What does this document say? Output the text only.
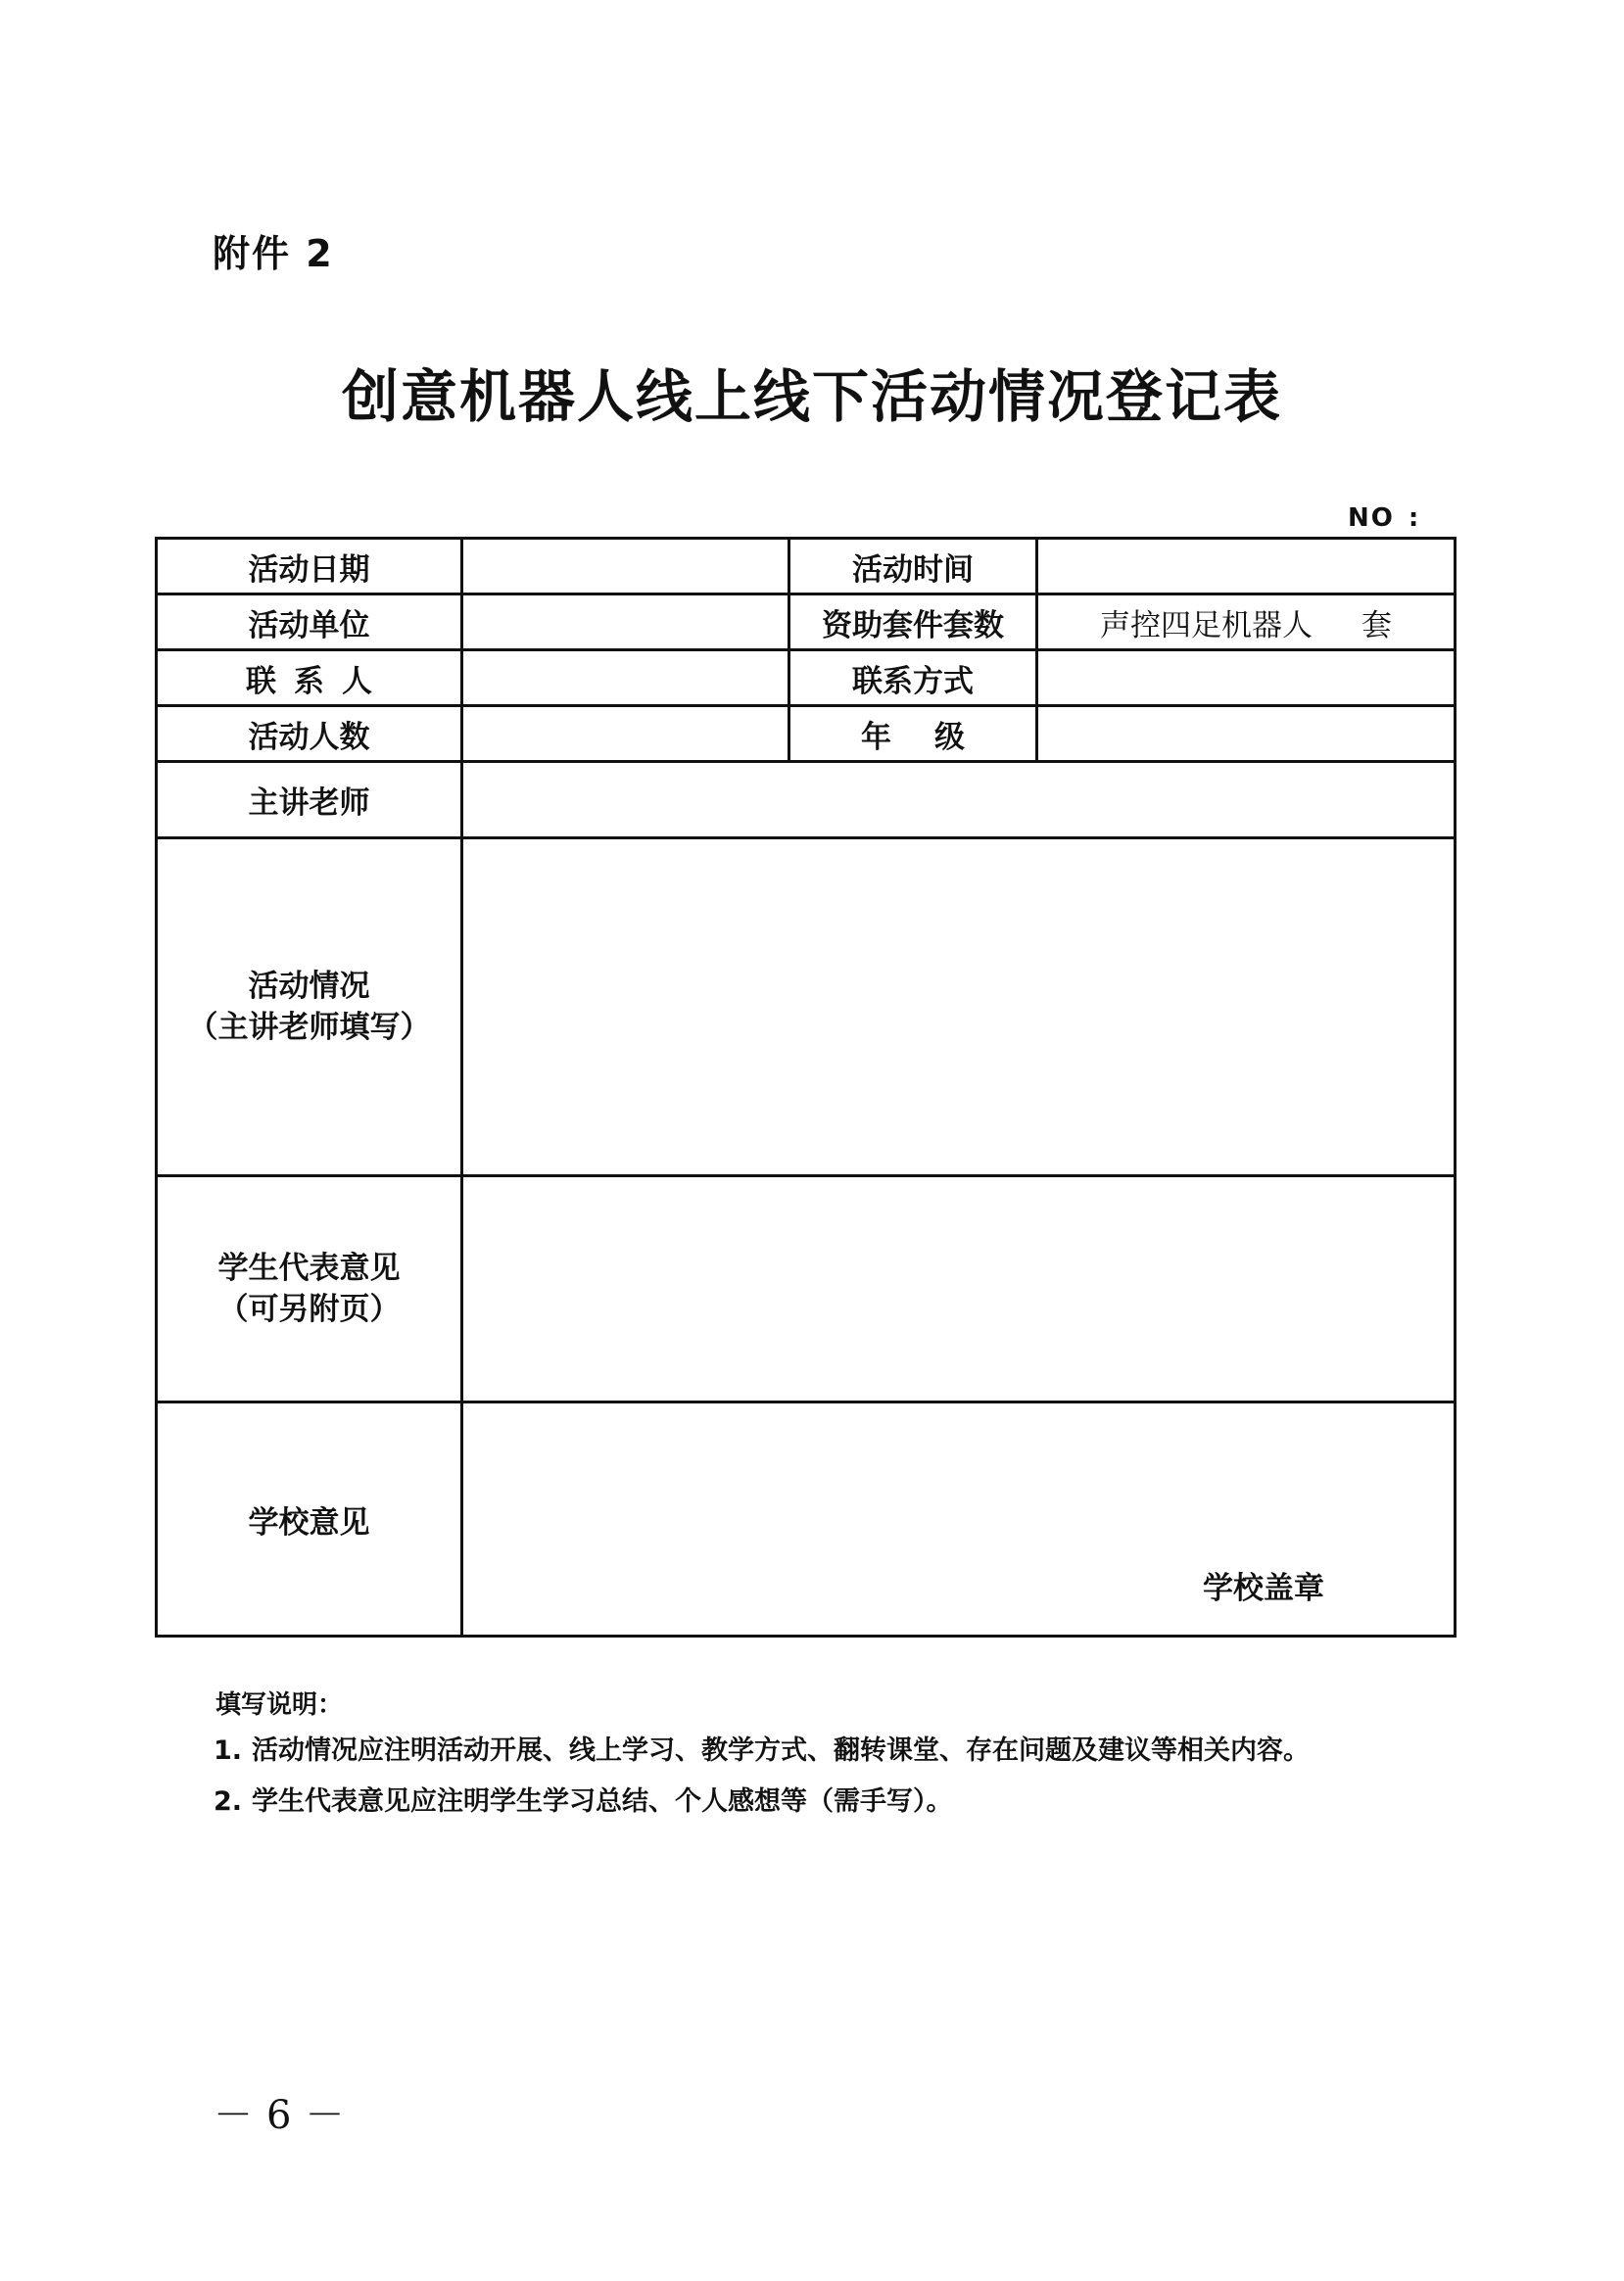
附件 2
创意机器人线上线下活动情况登记表
NO :
活动日期		活动时间	
活动单位		资助套件套数	声控四足机器人 套
联系人		联系方式	
活动人数		年级	
主讲老师			

活动情况
（主讲老师填写）			

学生代表意见
（可另附页）			

学校意见	学校盖章		
填写说明：
1. 活动情况应注明活动开展、线上学习、教学方式、翻转课堂、存在问题及建议等相关内容。
2. 学生代表意见应注明学生学习总结、个人感想等（需手写）。
－6－
